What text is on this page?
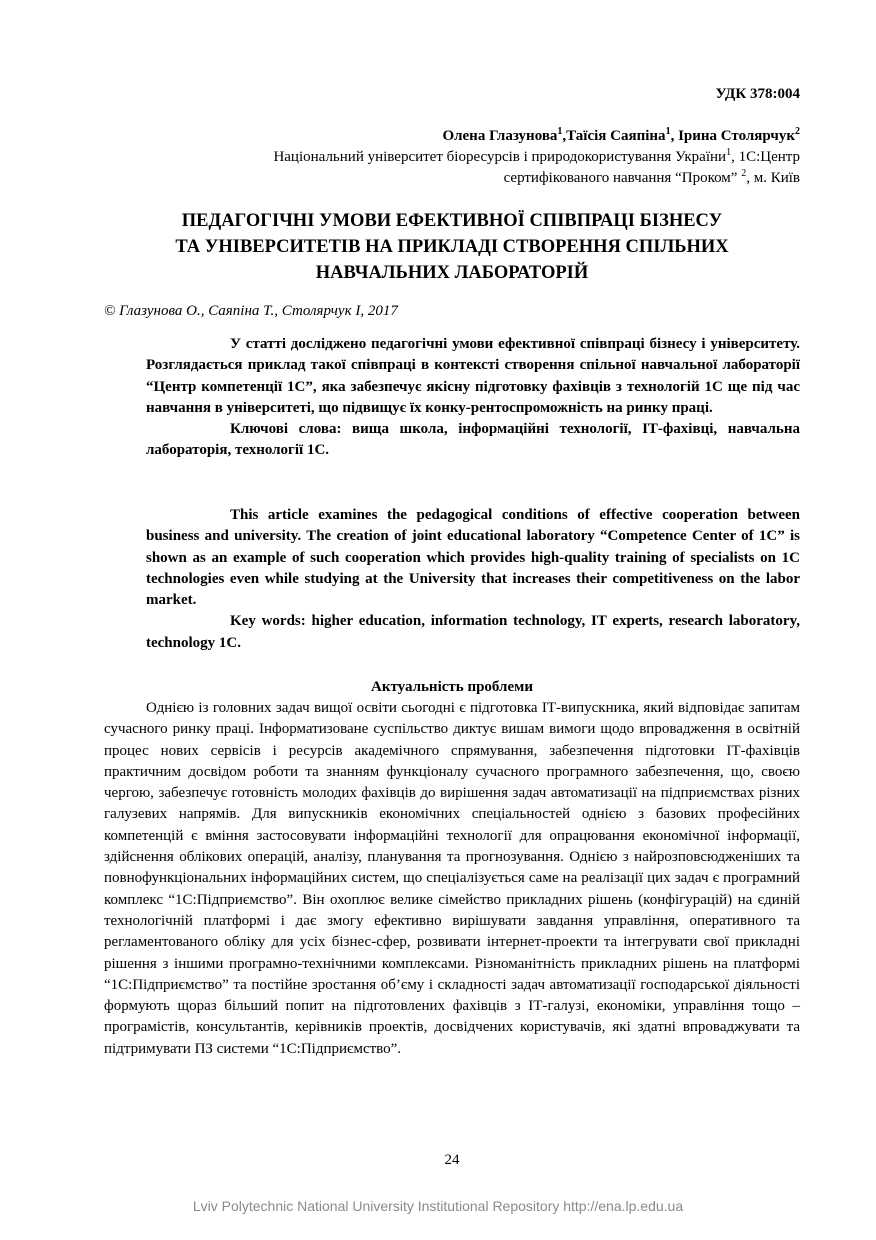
УДК 378:004
Олена Глазунова$^1$,Таїсія Саяпіна$^1$, Ірина Столярчук$^2$
Національний університет біоресурсів і природокористування України$^1$, 1С:Центр
сертифікованого навчання “Проком” $^2$, м. Київ
ПЕДАГОГІЧНІ УМОВИ ЕФЕКТИВНОЇ СПІВПРАЦІ БІЗНЕСУ
ТА УНІВЕРСИТЕТІВ НА ПРИКЛАДІ СТВОРЕННЯ СПІЛЬНИХ
НАВЧАЛЬНИХ ЛАБОРАТОРІЙ
© Глазунова О., Саяпіна Т., Столярчук І, 2017

У статті досліджено педагогічні умови ефективної співпраці бізнесу і університету. Розглядається приклад такої співпраці в контексті створення спільної навчальної лабораторії “Центр компетенції 1С”, яка забезпечує якісну підготовку фахівців з технологій 1С ще під час навчання в університеті, що підвищує їх конку-рентоспроможність на ринку праці.

Ключові слова: вища школа, інформаційні технології, ІТ-фахівці, навчальна лабораторія, технології 1С.

This article examines the pedagogical conditions of effective cooperation between business and university. The creation of joint educational laboratory “Competence Center of 1C” is shown as an example of such cooperation which provides high-quality training of specialists on 1C technologies even while studying at the University that increases their competitiveness on the labor market.

Key words: higher education, information technology, IT experts, research laboratory, technology 1C.

Актуальність проблеми

Однією із головних задач вищої освіти сьогодні є підготовка ІТ-випускника, який відповідає запитам сучасного ринку праці. Інформатизоване суспільство диктує вишам вимоги щодо впровадження в освітній процес нових сервісів і ресурсів академічного спрямування, забезпечення підготовки ІТ-фахівців практичним досвідом роботи та знанням функціоналу сучасного програмного забезпечення, що, своєю чергою, забезпечує готовність молодих фахівців до вирішення задач автоматизації на підприємствах різних галузевих напрямів. Для випускників економічних спеціальностей однією з базових професійних компетенцій є вміння застосовувати інформаційні технології для опрацювання економічної інформації, здійснення облікових операцій, аналізу, планування та прогнозування. Однією з найрозповсюдженіших та повнофункціональних інформаційних систем, що спеціалізується саме на реалізації цих задач є програмний комплекс “1С:Підприємство”. Він охоплює велике сімейство прикладних рішень (конфігурацій) на єдиній технологічній платформі і дає змогу ефективно вирішувати завдання управління, оперативного та регламентованого обліку для усіх бізнес-сфер, розвивати інтернет-проекти та інтегрувати свої прикладні рішення з іншими програмно-технічними комплексами. Різноманітність прикладних рішень на платформі “1С:Підприємство” та постійне зростання об’єму і складності задач автоматизації господарської діяльності формують щораз більший попит на підготовлених фахівців з ІТ-галузі, економіки, управління тощо – програмістів, консультантів, керівників проектів, досвідчених користувачів, які здатні впроваджувати та підтримувати ПЗ системи “1С:Підприємство”.

24
Lviv Polytechnic National University Institutional Repository http://ena.lp.edu.ua
